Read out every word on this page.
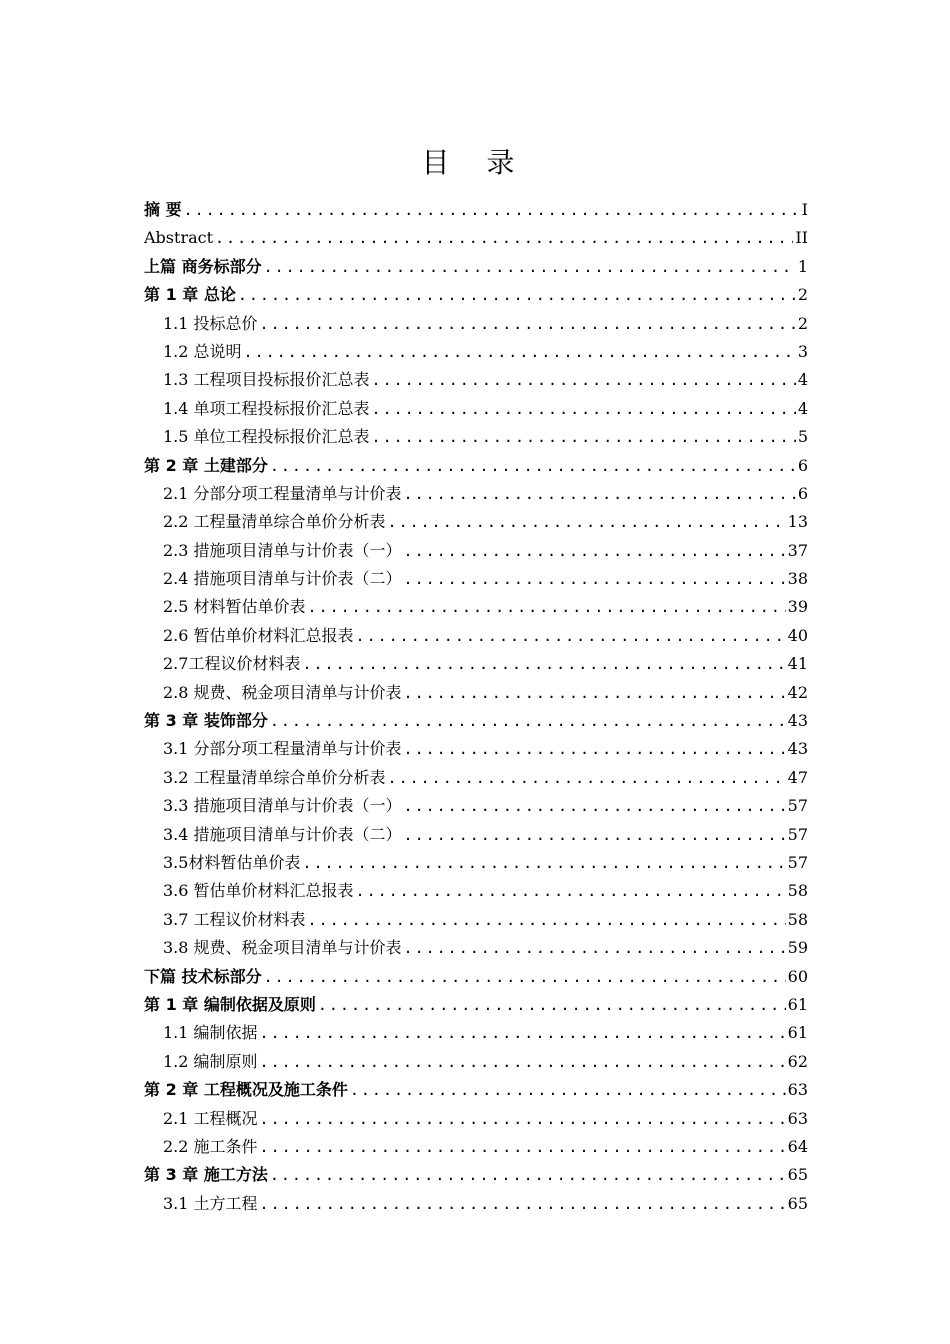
目 录
摘 要 .....	I
Abstract .....	II
上篇 商务标部分 .....	1
第 1 章 总论 .....	2
1.1 投标总价 .....	2
1.2 总说明 .....	3
1.3 工程项目投标报价汇总表 .....	4
1.4 单项工程投标报价汇总表 .....	4
1.5 单位工程投标报价汇总表 .....	5
第 2 章 土建部分 .....	6
2.1 分部分项工程量清单与计价表 .....	6
2.2 工程量清单综合单价分析表 .....	13
2.3 措施项目清单与计价表（一） .....	37
2.4 措施项目清单与计价表（二） .....	38
2.5 材料暂估单价表 .....	39
2.6 暂估单价材料汇总报表 .....	40
2.7工程议价材料表 .....	41
2.8 规费、税金项目清单与计价表 .....	42
第 3 章 装饰部分 .....	43
3.1 分部分项工程量清单与计价表 .....	43
3.2 工程量清单综合单价分析表 .....	47
3.3 措施项目清单与计价表（一） .....	57
3.4 措施项目清单与计价表（二） .....	57
3.5材料暂估单价表 .....	57
3.6 暂估单价材料汇总报表 .....	58
3.7 工程议价材料表 .....	58
3.8 规费、税金项目清单与计价表 .....	59
下篇 技术标部分 .....	60
第 1 章 编制依据及原则 .....	61
1.1 编制依据 .....	61
1.2 编制原则 .....	62
第 2 章 工程概况及施工条件 .....	63
2.1 工程概况 .....	63
2.2 施工条件 .....	64
第 3 章 施工方法 .....	65
3.1 土方工程 .....	65
